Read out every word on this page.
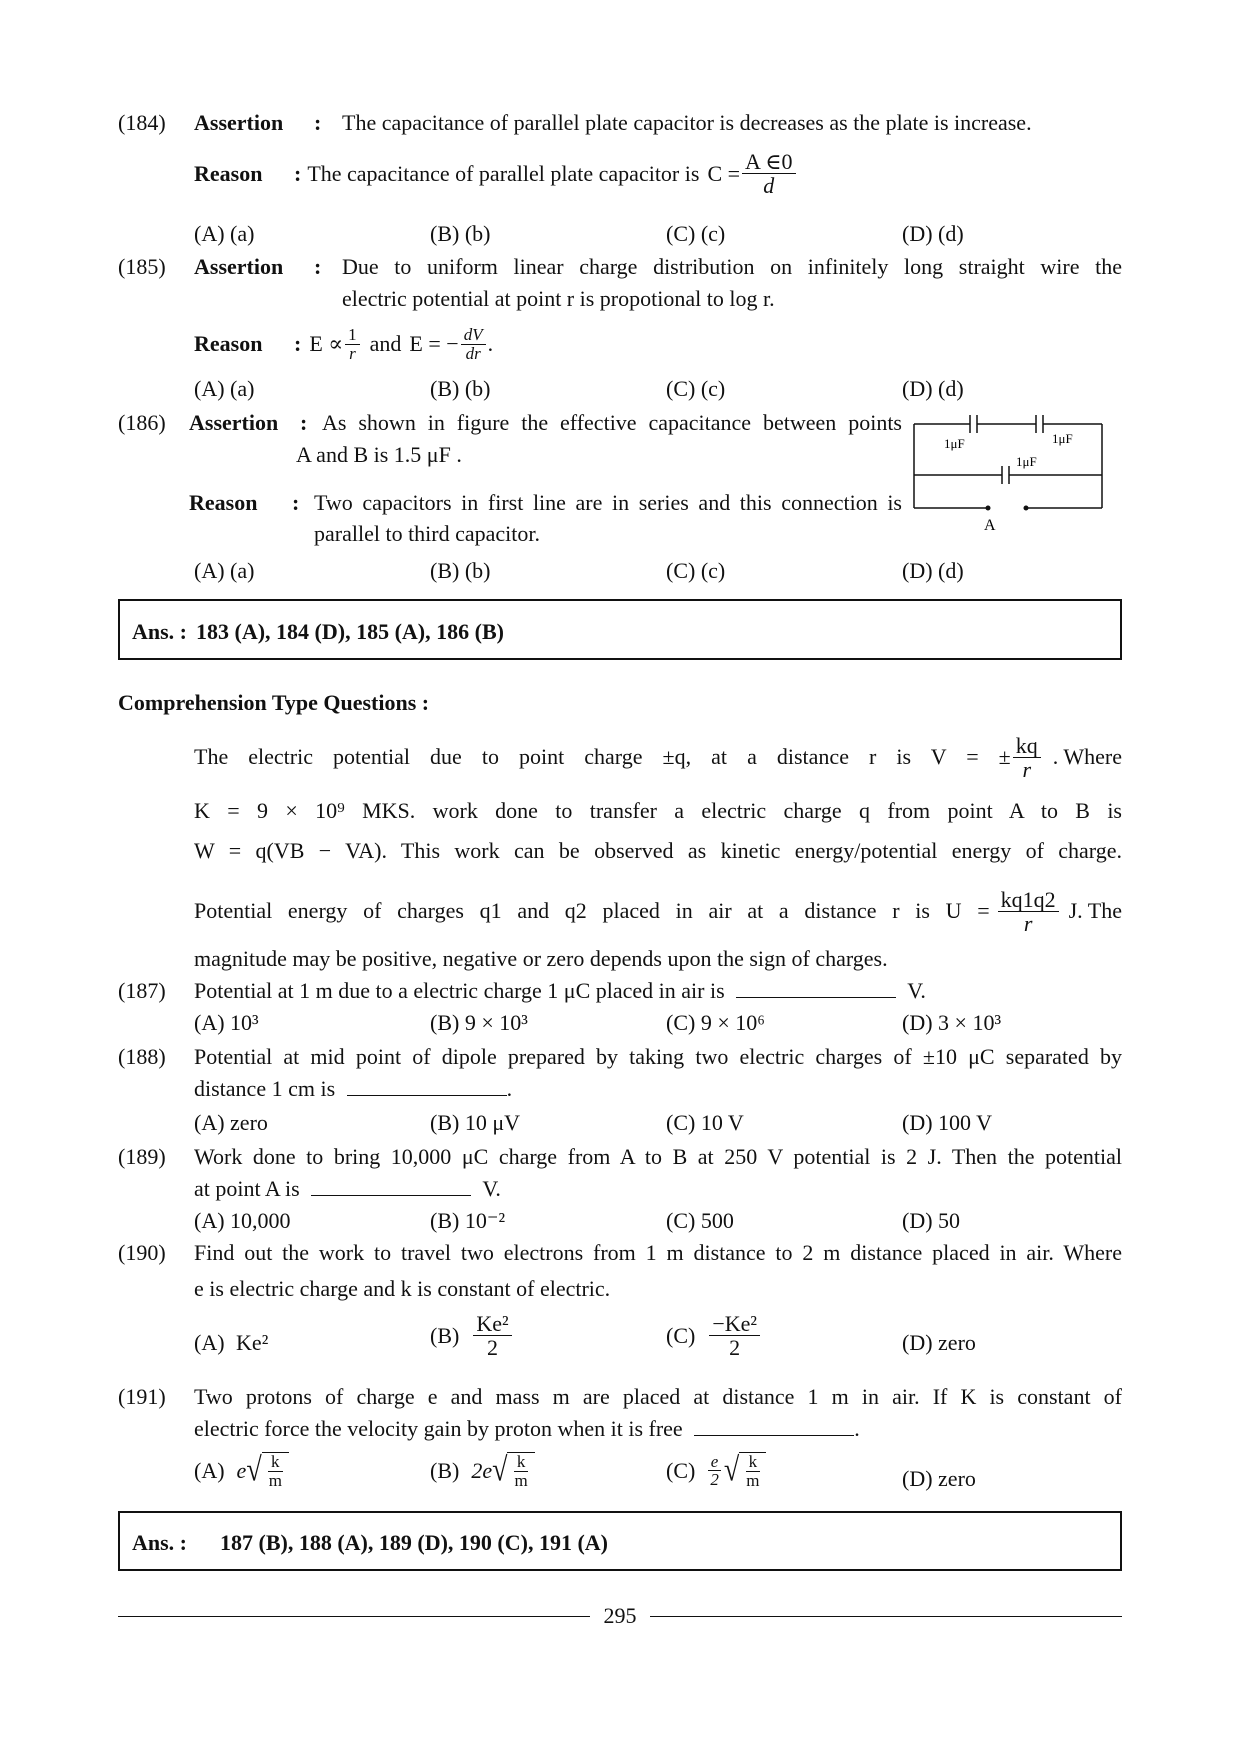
(184) Assertion : The capacitance of parallel plate capacitor is decreases as the plate is increase.
Reason	: The capacitance of parallel plate capacitor is $C = \frac{A \in 0}{d}$
(A) (a)	(B) (b)	(C) (c)	(D) (d)
(185) Assertion : Due to uniform linear charge distribution on infinitely long straight wire the
electric potential at point r is propotional to log r.
Reason	: $E \propto \frac{1}{r}$ and E = − $\frac{dV}{dr}$ .
(A) (a)	(B) (b)	(C) (c)	(D) (d)
(186) Assertion : As shown in figure the effective capacitance between points
A and B is 1.5 μF .
Reason : Two capacitors in first line are in series and this connection is
parallel to third capacitor.
1μF	1μF
1μF
A
(A) (a)	(B) (b)	(C) (c)	(D) (d)
Ans. : 183 (A), 184 (D), 185 (A), 186 (B)
Comprehension Type Questions :
The electric potential due to point charge ±q, at a distance r is V = ± $\frac{kq}{r}$ . Where
K = 9 × 10⁹ MKS. work done to transfer a electric charge q from point A to B is
W = q(VB − VA). This work can be observed as kinetic energy/potential energy of charge.
Potential energy of charges q1 and q2 placed in air at a distance r is $U = \frac{kq1q2}{r} J$. The
magnitude may be positive, negative or zero depends upon the sign of charges.
(187) Potential at 1 m due to a electric charge 1 μC placed in air is	V.
(A) 10³	(B) 9 × 10³	(C) 9 × 10⁶	(D) 3 × 10³
(188) Potential at mid point of dipole prepared by taking two electric charges of ±10 μC separated by
distance 1 cm is	.
(A) zero	(B) 10 μV	(C) 10 V	(D) 100 V
(189) Work done to bring 10,000 μC charge from A to B at 250 V potential is 2 J. Then the potential
at point A is	V.
(A) 10,000	(B) 10⁻²	(C) 500	(D) 50
(190) Find out the work to travel two electrons from 1 m distance to 2 m distance placed in air. Where
e is electric charge and k is constant of electric.
(A) Ke²	$(B) \frac{\text{Ke²}}{2}$	$(C) \frac{\text{−Ke²}}{2}$	(D) zero
(191) Two protons of charge e and mass m are placed at distance 1 m in air. If K is constant of
electric force the velocity gain by proton when it is free	.
(A) e √ $\frac{k}{m}$	(B) 2e √ $\frac{k}{m}$	$(C) \frac{e}{2}$ √ $\frac{k}{m}$	(D) zero
Ans. : 187 (B), 188 (A), 189 (D), 190 (C), 191 (A)
295
